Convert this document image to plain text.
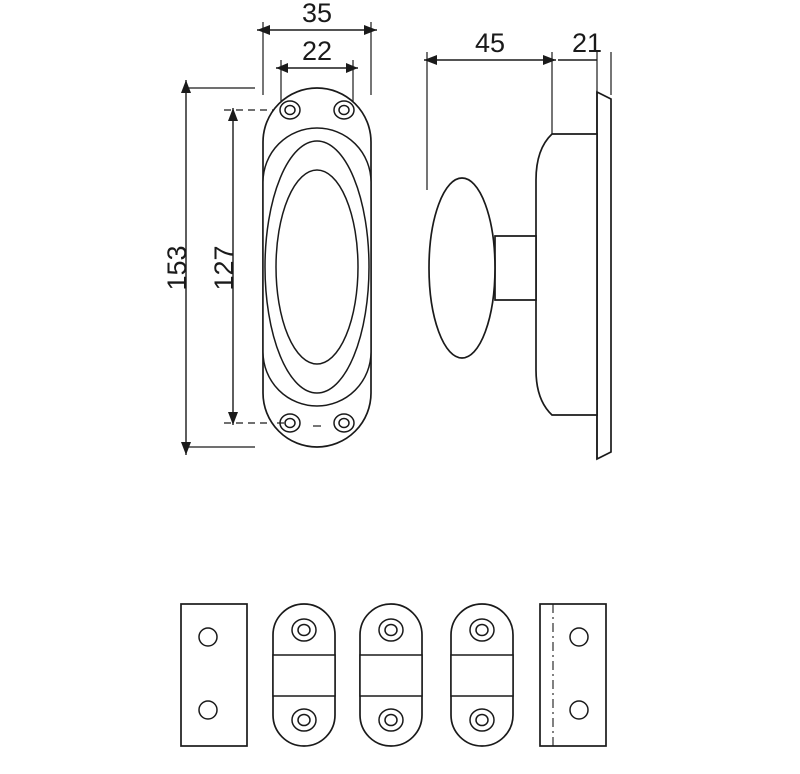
35
22	45 21
153 127
